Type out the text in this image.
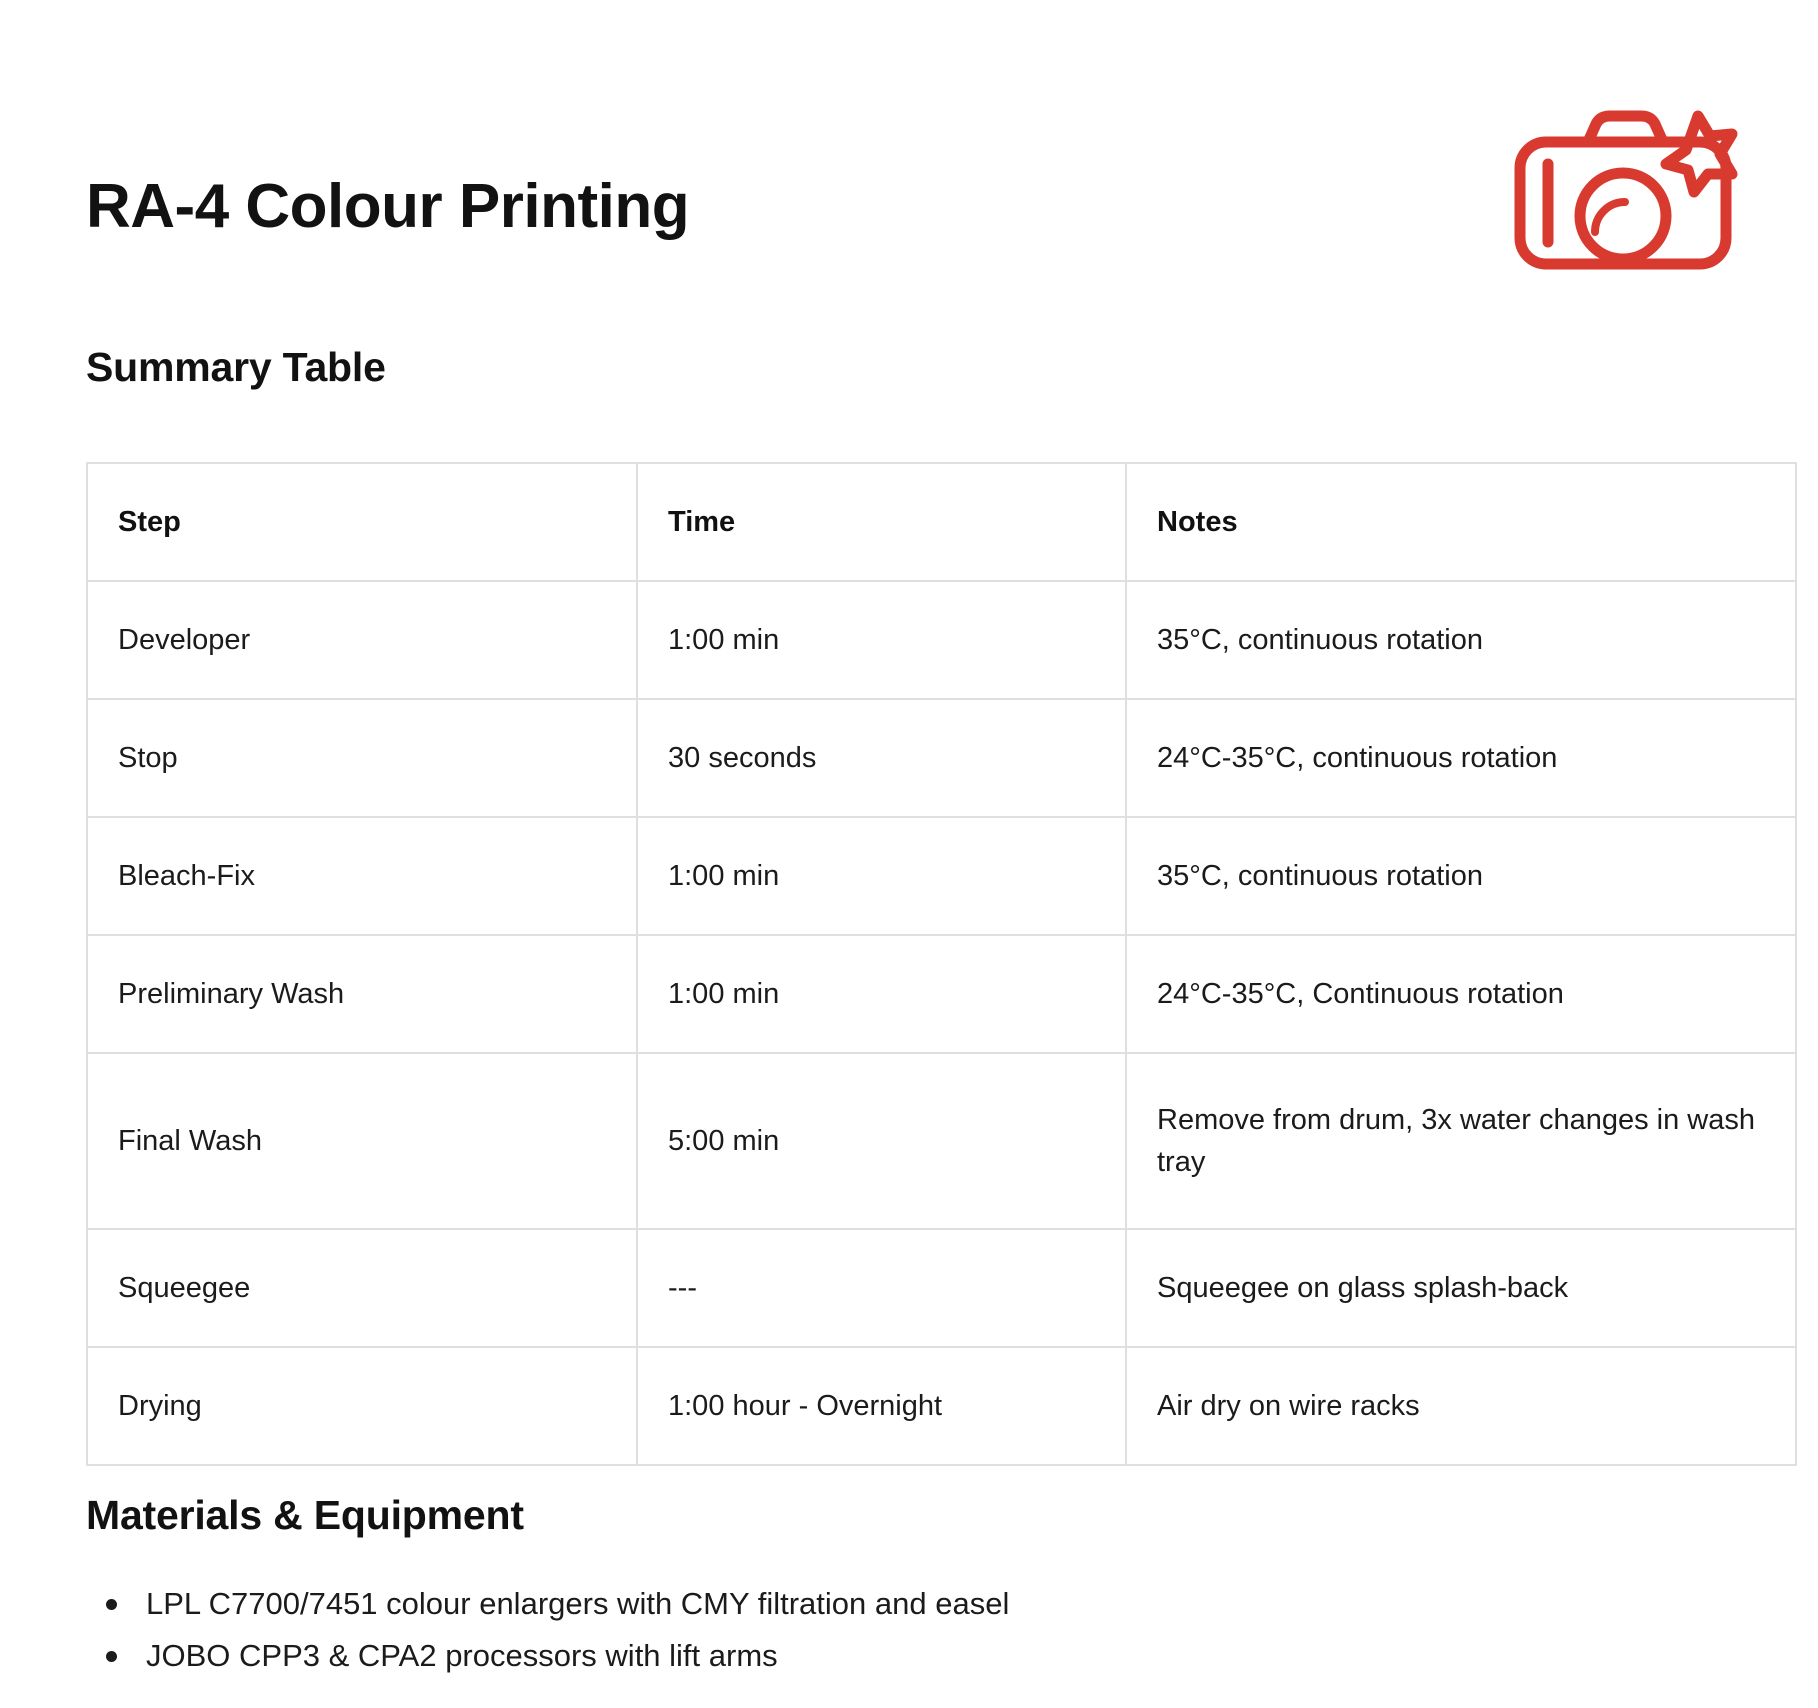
RA-4 Colour Printing
Summary Table
Step	Time	Notes
Developer	1:00 min	35°C, continuous rotation
Stop	30 seconds	24°C-35°C, continuous rotation
Bleach-Fix	1:00 min	35°C, continuous rotation
Preliminary Wash	1:00 min	24°C-35°C, Continuous rotation
Final Wash	5:00 min	Remove from drum, 3x water changes in wash tray
Squeegee	---	Squeegee on glass splash-back
Drying	1:00 hour - Overnight	Air dry on wire racks
Materials & Equipment
LPL C7700/7451 colour enlargers with CMY filtration and easel
JOBO CPP3 & CPA2 processors with lift arms
